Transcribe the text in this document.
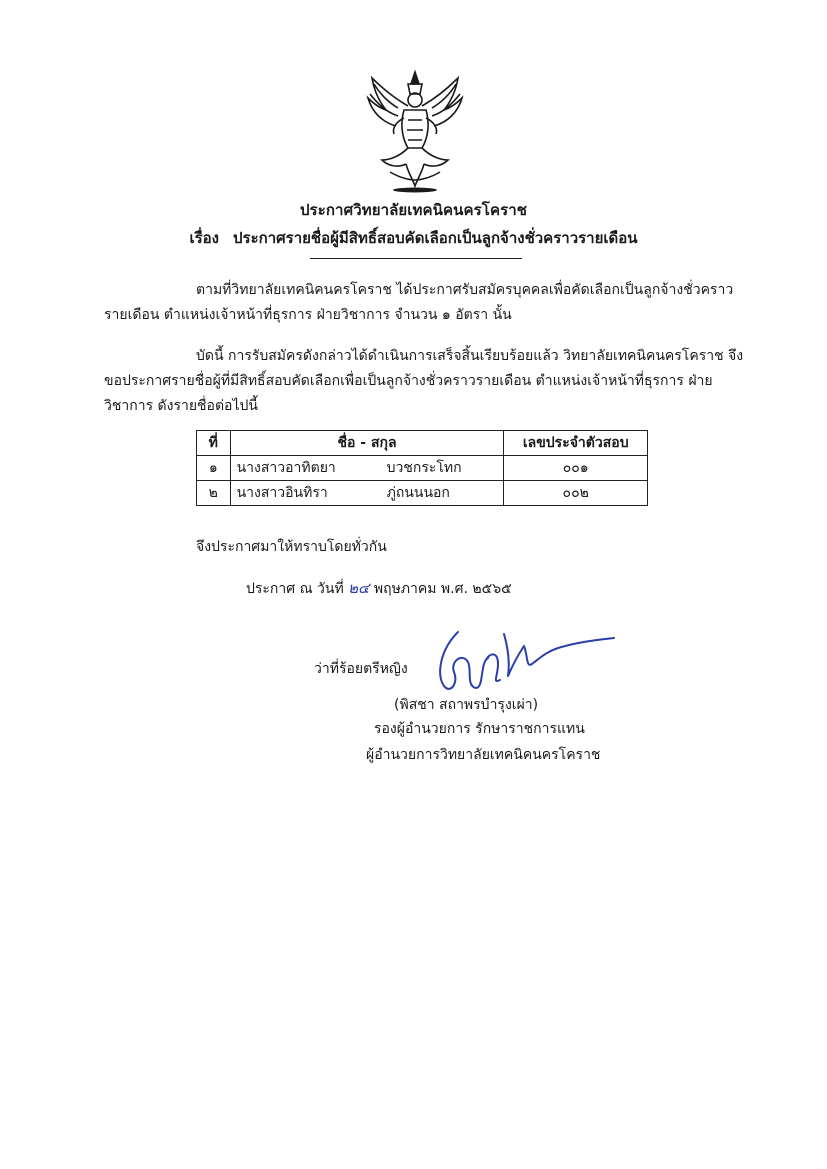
ประกาศวิทยาลัยเทคนิคนครโคราช
เรื่อง ประกาศรายชื่อผู้มีสิทธิ์สอบคัดเลือกเป็นลูกจ้างชั่วคราวรายเดือน
ตามที่วิทยาลัยเทคนิคนครโคราช ได้ประกาศรับสมัครบุคคลเพื่อคัดเลือกเป็นลูกจ้างชั่วคราวรายเดือน ตำแหน่งเจ้าหน้าที่ธุรการ ฝ่ายวิชาการ จำนวน ๑ อัตรา นั้น
บัดนี้ การรับสมัครดังกล่าวได้ดำเนินการเสร็จสิ้นเรียบร้อยแล้ว วิทยาลัยเทคนิคนครโคราช จึงขอประกาศรายชื่อผู้ที่มีสิทธิ์สอบคัดเลือกเพื่อเป็นลูกจ้างชั่วคราวรายเดือน ตำแหน่งเจ้าหน้าที่ธุรการ ฝ่ายวิชาการ ดังรายชื่อต่อไปนี้
ที่	ชื่อ - สกุล	เลขประจำตัวสอบ
๑	นางสาวอาทิตยา บวชกระโทก	๐๐๑
๒	นางสาวอินทิรา ภู่ถนนนอก	๐๐๒
จึงประกาศมาให้ทราบโดยทั่วกัน
ประกาศ ณ วันที่ ๒๔ พฤษภาคม พ.ศ. ๒๕๖๕
ว่าที่ร้อยตรีหญิง
(พิสชา สถาพรบำรุงเผ่า)
รองผู้อำนวยการ รักษาราชการแทน
ผู้อำนวยการวิทยาลัยเทคนิคนครโคราช
